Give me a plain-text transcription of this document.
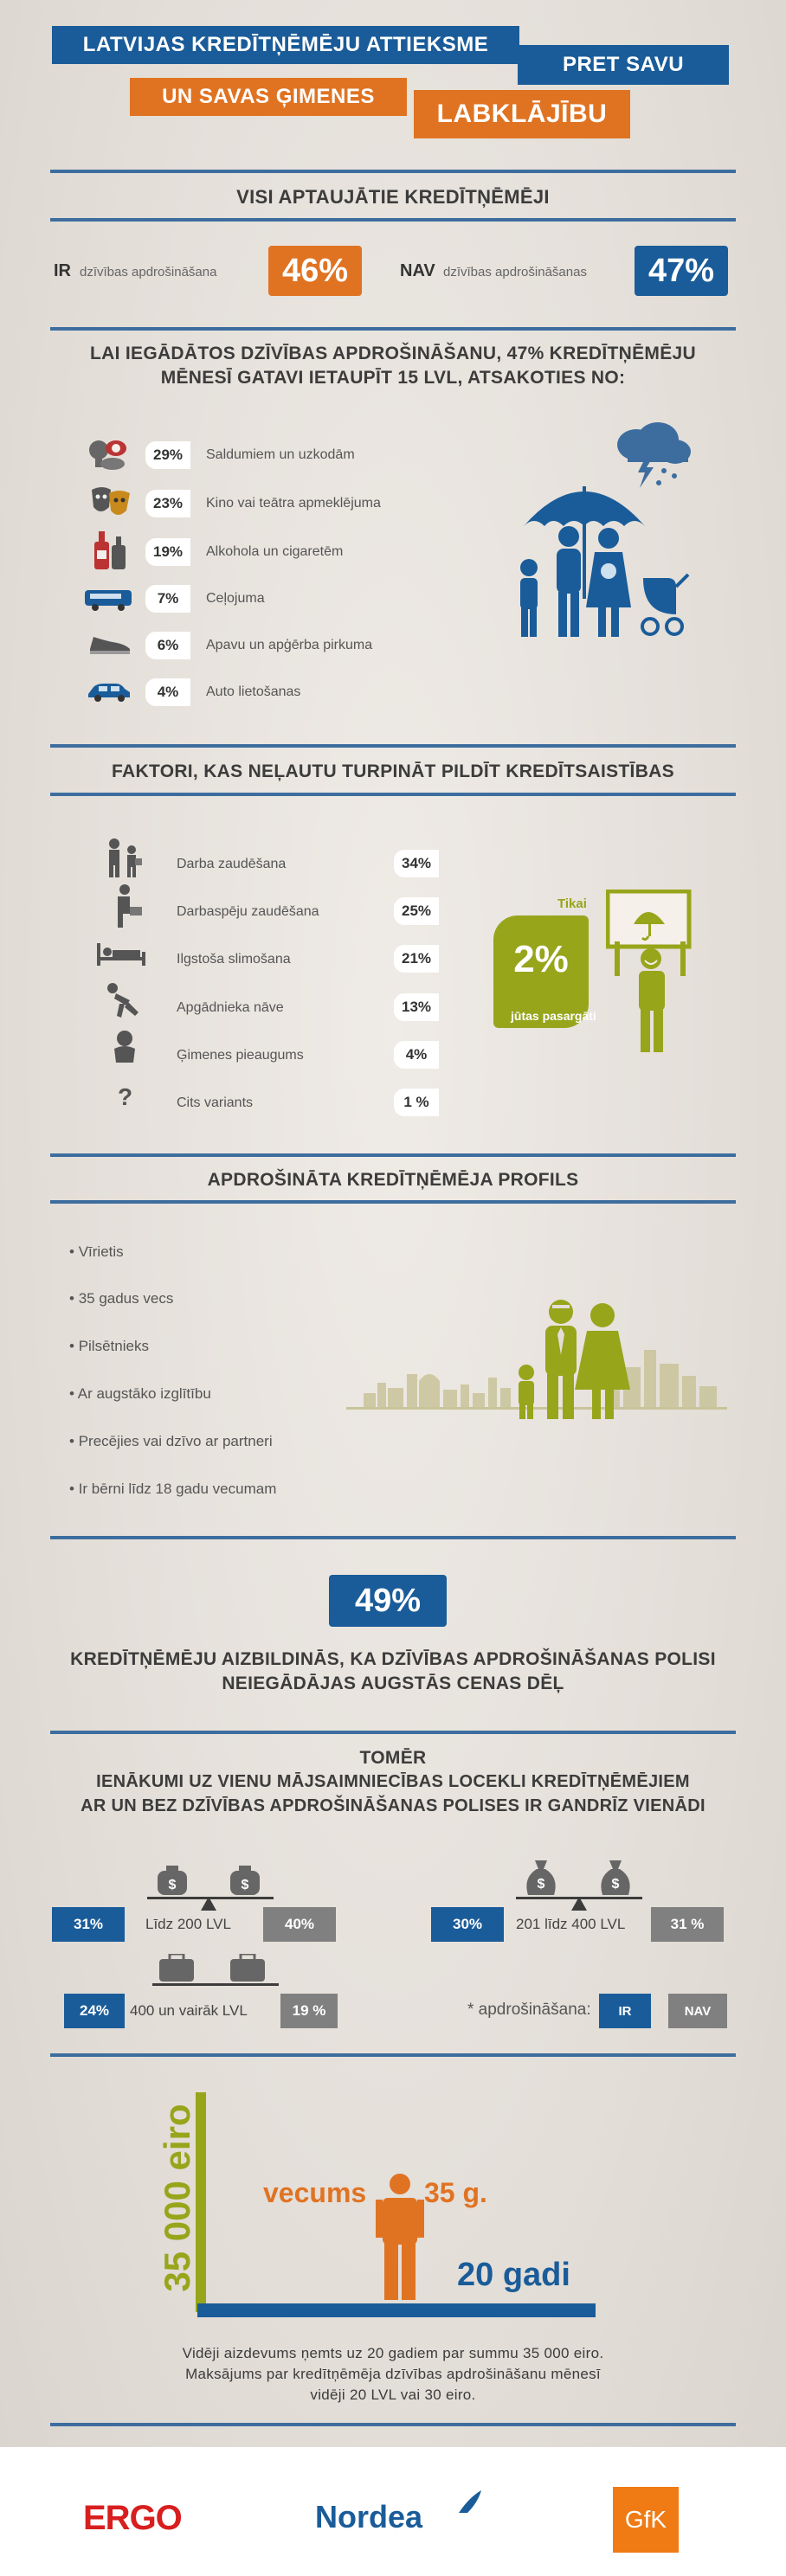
LATVIJAS KREDĪTŅĒMĒJU ATTIEKSME
PRET SAVU
UN SAVAS ĢIMENES
LABKLĀJĪBU
VISI APTAUJĀTIE KREDĪTŅĒMĒJI
IR dzīvības apdrošināšana	46%	NAV dzīvības apdrošināšanas	47%
LAI IEGĀDĀTOS DZĪVĪBAS APDROŠINĀŠANU, 47% KREDĪTŅĒMĒJU
MĒNESĪ GATAVI IETAUPĪT 15 LVL, ATSAKOTIES NO:
29%	Saldumiem un uzkodām
23%	Kino vai teātra apmeklējuma
19%	Alkohola un cigaretēm
7%	Ceļojuma
6%	Apavu un apģērba pirkuma
4%	Auto lietošanas
FAKTORI, KAS NEĻAUTU TURPINĀT PILDĪT KREDĪTSAISTĪBAS
Darba zaudēšana	34%
Darbaspēju zaudēšana	25%
Ilgstoša slimošana	21%
Apgādnieka nāve	13%
Ģimenes pieaugums	4%
?	Cits variants	1 %
2%
Tikai
jūtas pasargāti
APDROŠINĀTA KREDĪTŅĒMĒJA PROFILS
• Vīrietis
• 35 gadus vecs
• Pilsētnieks
• Ar augstāko izglītību
• Precējies vai dzīvo ar partneri
• Ir bērni līdz 18 gadu vecumam
49%
KREDĪTŅĒMĒJU AIZBILDINĀS, KA DZĪVĪBAS APDROŠINĀŠANAS POLISI
NEIEGĀDĀJAS AUGSTĀS CENAS DĒĻ
TOMĒR
IENĀKUMI UZ VIENU MĀJSAIMNIECĪBAS LOCEKLI KREDĪTŅĒMĒJIEM
AR UN BEZ DZĪVĪBAS APDROŠINĀŠANAS POLISES IR GANDRĪZ VIENĀDI
$	$
31%	Līdz 200 LVL	40%
$	$
30%	201 līdz 400 LVL	31 %
24%	400 un vairāk LVL	19 %	* apdrošināšana:	IR	NAV
35 000 eiro	20 gadi
vecums 35 g.
Vidēji aizdevums ņemts uz 20 gadiem par summu 35 000 eiro.
Maksājums par kredītņēmēja dzīvības apdrošināšanu mēnesī
vidēji 20 LVL vai 30 eiro.
ERGO	Nordea	GfK
